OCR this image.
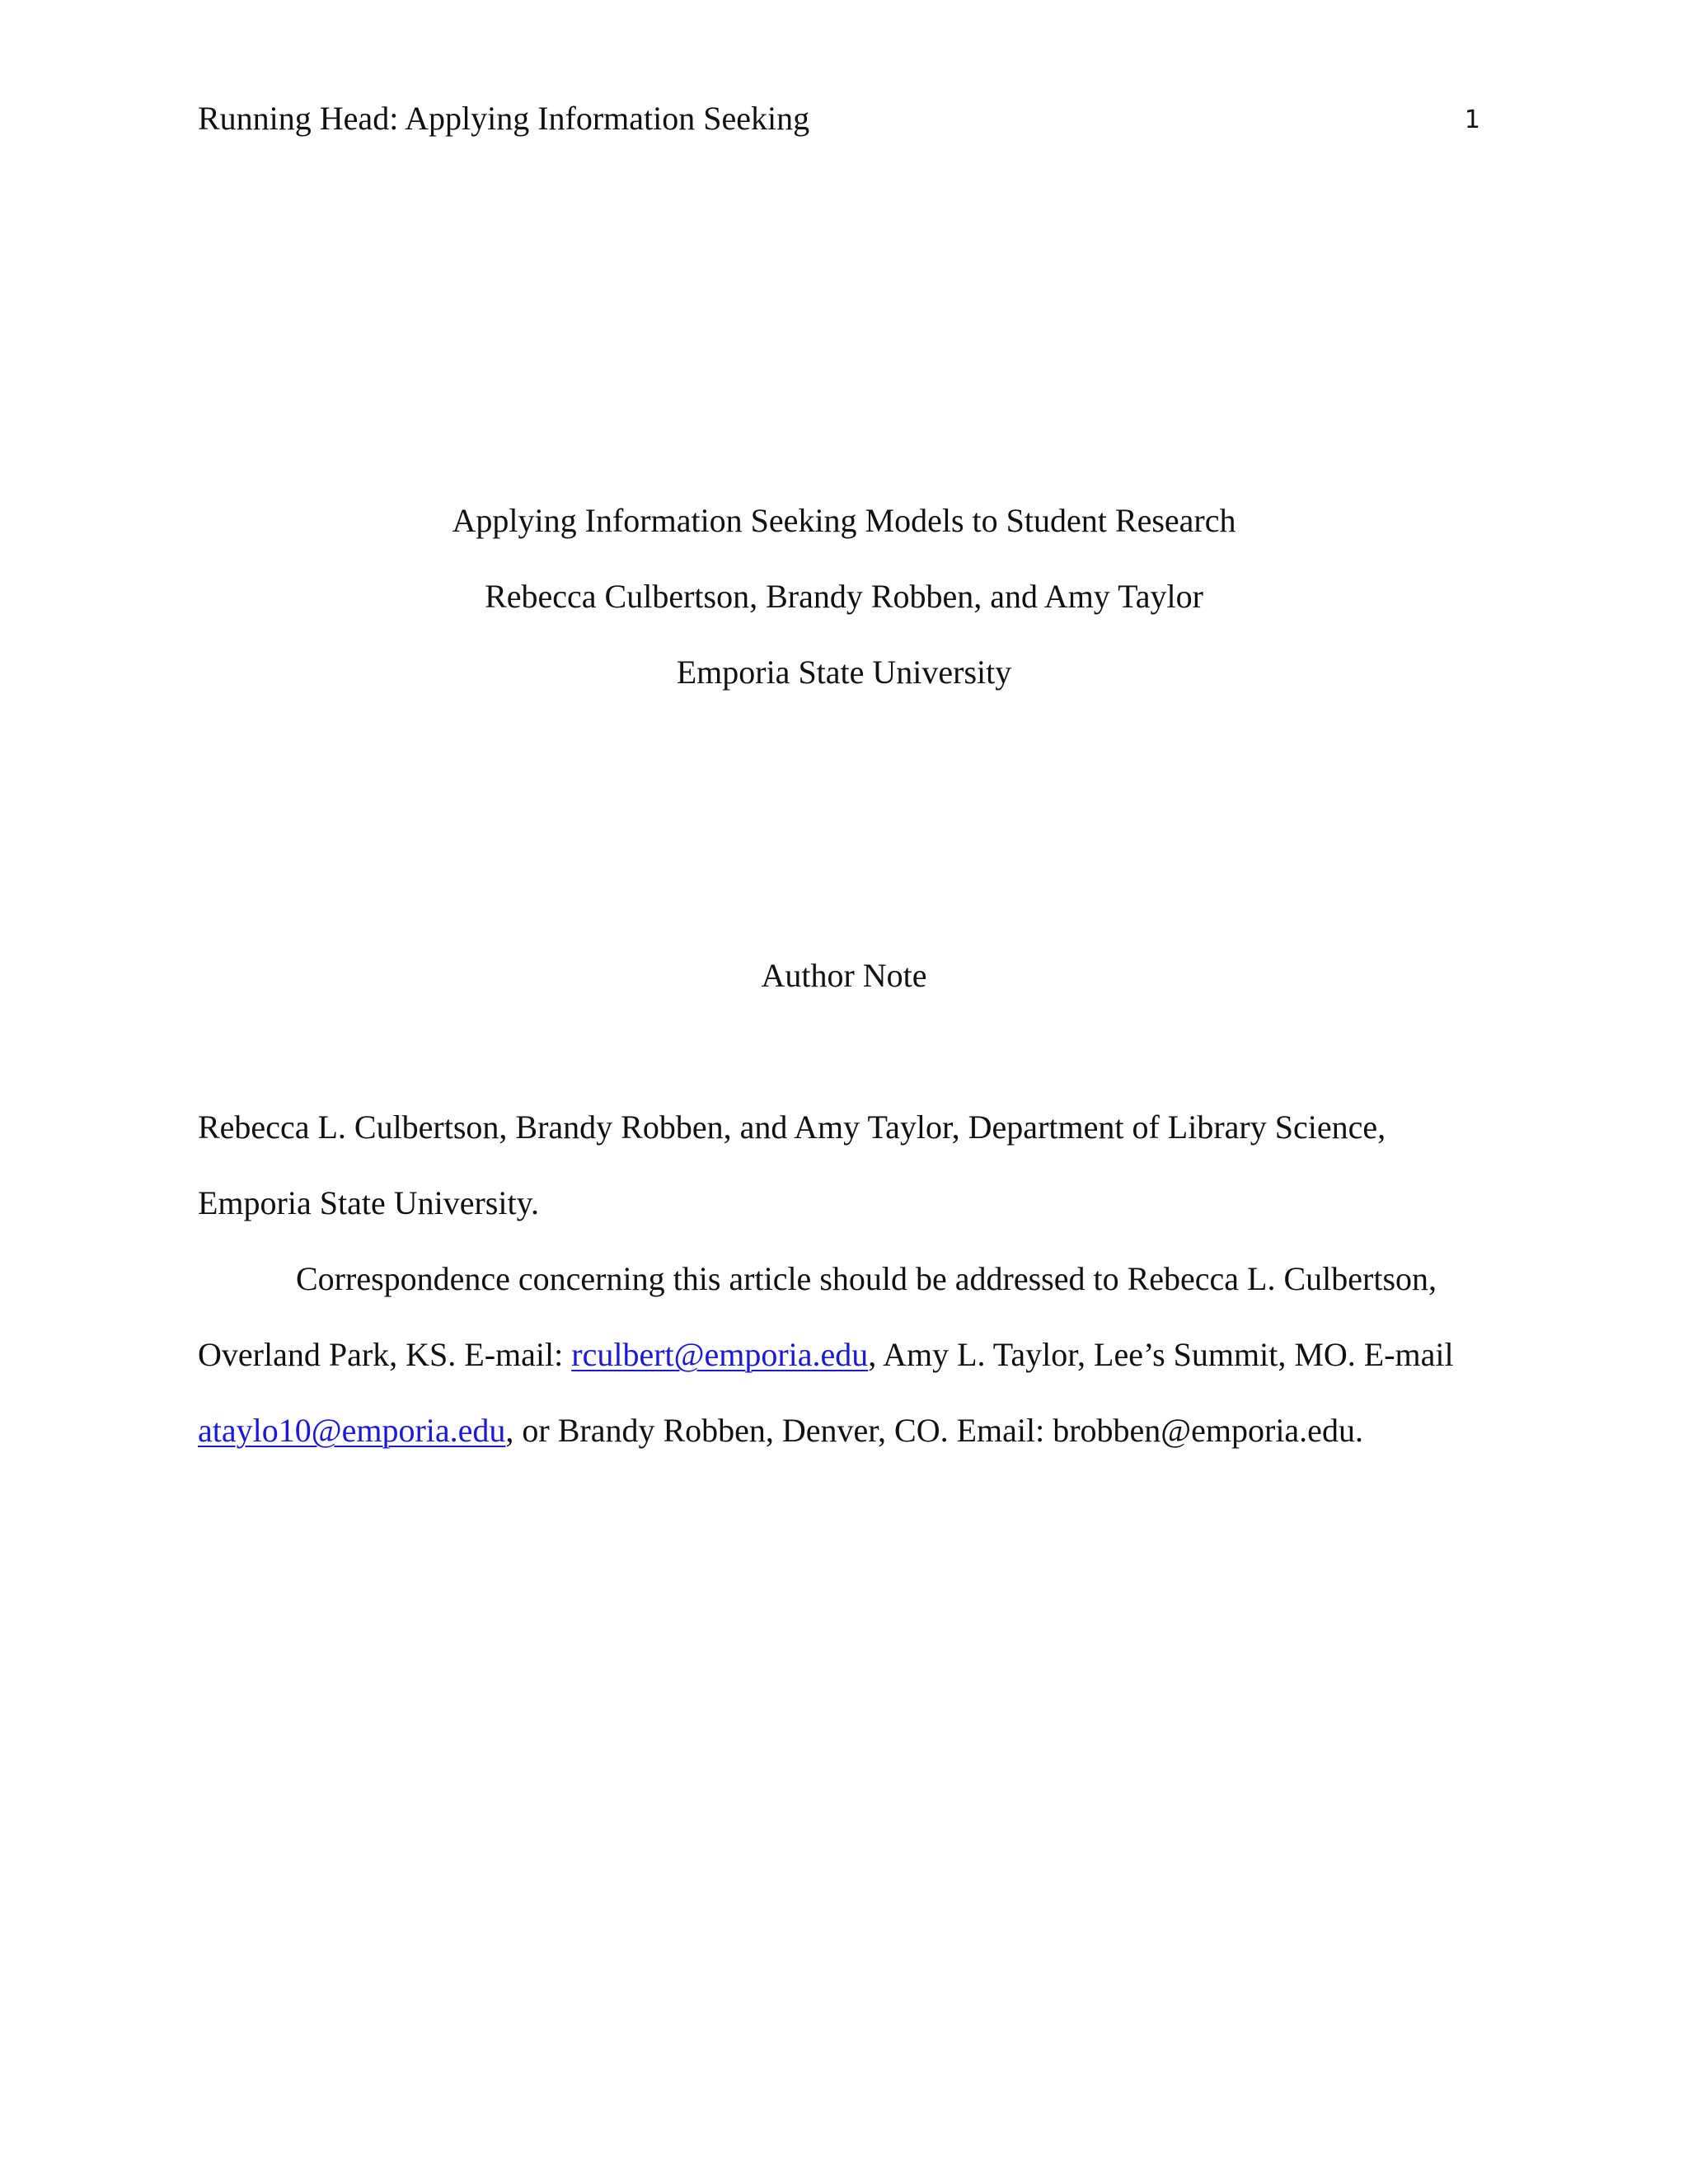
Running Head: Applying Information Seeking	1
Applying Information Seeking Models to Student Research
Rebecca Culbertson, Brandy Robben, and Amy Taylor
Emporia State University
Author Note
Rebecca L. Culbertson, Brandy Robben, and Amy Taylor, Department of Library Science,
Emporia State University.
Correspondence concerning this article should be addressed to Rebecca L. Culbertson,
Overland Park, KS. E-mail: rculbert@emporia.edu, Amy L. Taylor, Lee’s Summit, MO. E-mail
ataylo10@emporia.edu, or Brandy Robben, Denver, CO. Email: brobben@emporia.edu.
